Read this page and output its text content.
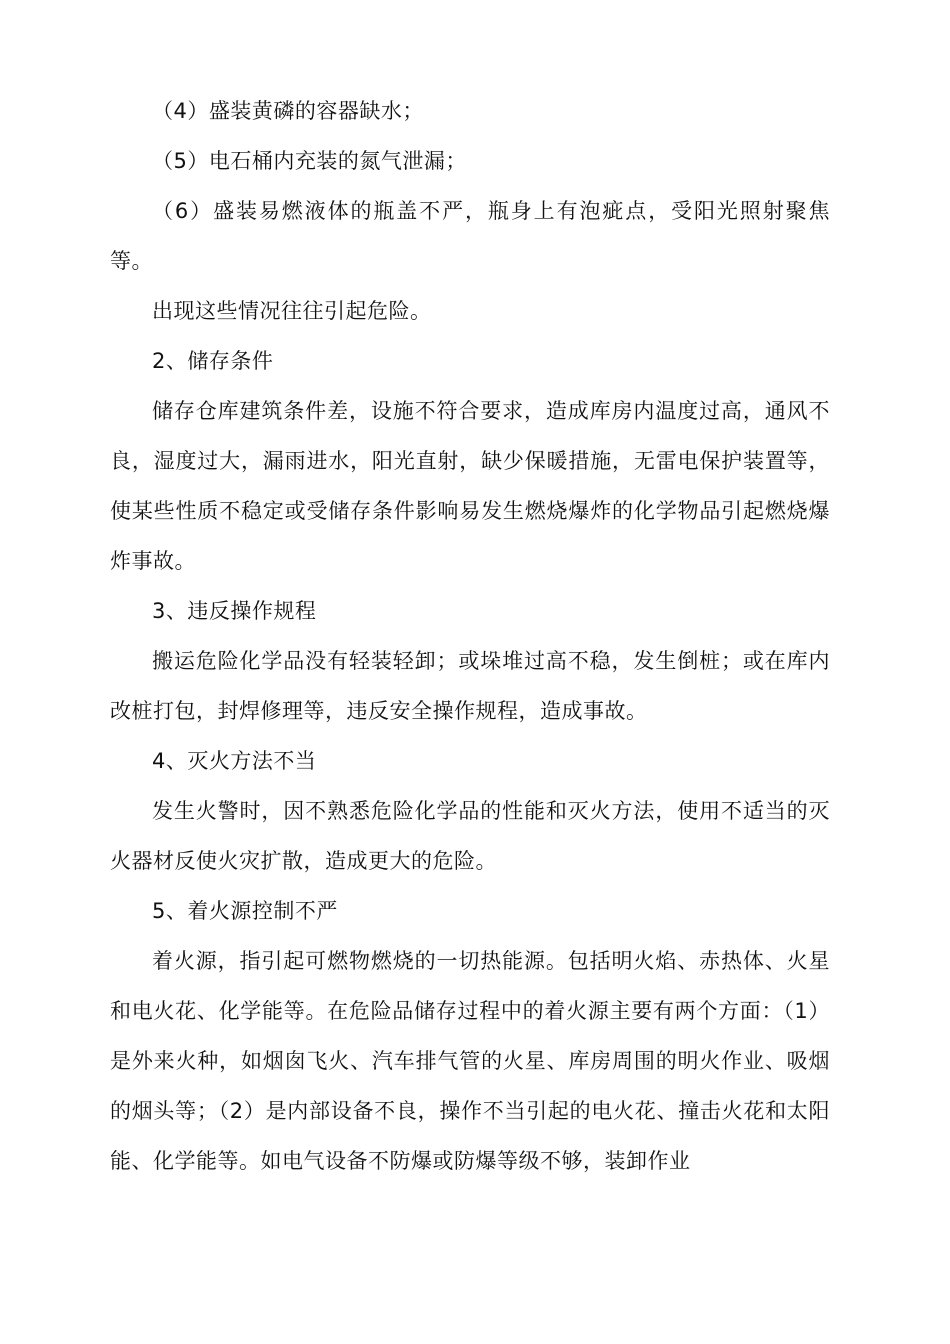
（4）盛装黄磷的容器缺水；

（5）电石桶内充装的氮气泄漏；

（6）盛装易燃液体的瓶盖不严，瓶身上有泡疵点，受阳光照射聚焦等。

出现这些情况往往引起危险。

2、储存条件

储存仓库建筑条件差，设施不符合要求，造成库房内温度过高，通风不良，湿度过大，漏雨进水，阳光直射，缺少保暖措施，无雷电保护装置等，使某些性质不稳定或受储存条件影响易发生燃烧爆炸的化学物品引起燃烧爆炸事故。

3、违反操作规程

搬运危险化学品没有轻装轻卸；或垛堆过高不稳，发生倒桩；或在库内改桩打包，封焊修理等，违反安全操作规程，造成事故。

4、灭火方法不当

发生火警时，因不熟悉危险化学品的性能和灭火方法，使用不适当的灭火器材反使火灾扩散，造成更大的危险。

5、着火源控制不严

着火源，指引起可燃物燃烧的一切热能源。包括明火焰、赤热体、火星和电火花、化学能等。在危险品储存过程中的着火源主要有两个方面：（1）是外来火种，如烟囱飞火、汽车排气管的火星、库房周围的明火作业、吸烟的烟头等；（2）是内部设备不良，操作不当引起的电火花、撞击火花和太阳能、化学能等。如电气设备不防爆或防爆等级不够，装卸作业
